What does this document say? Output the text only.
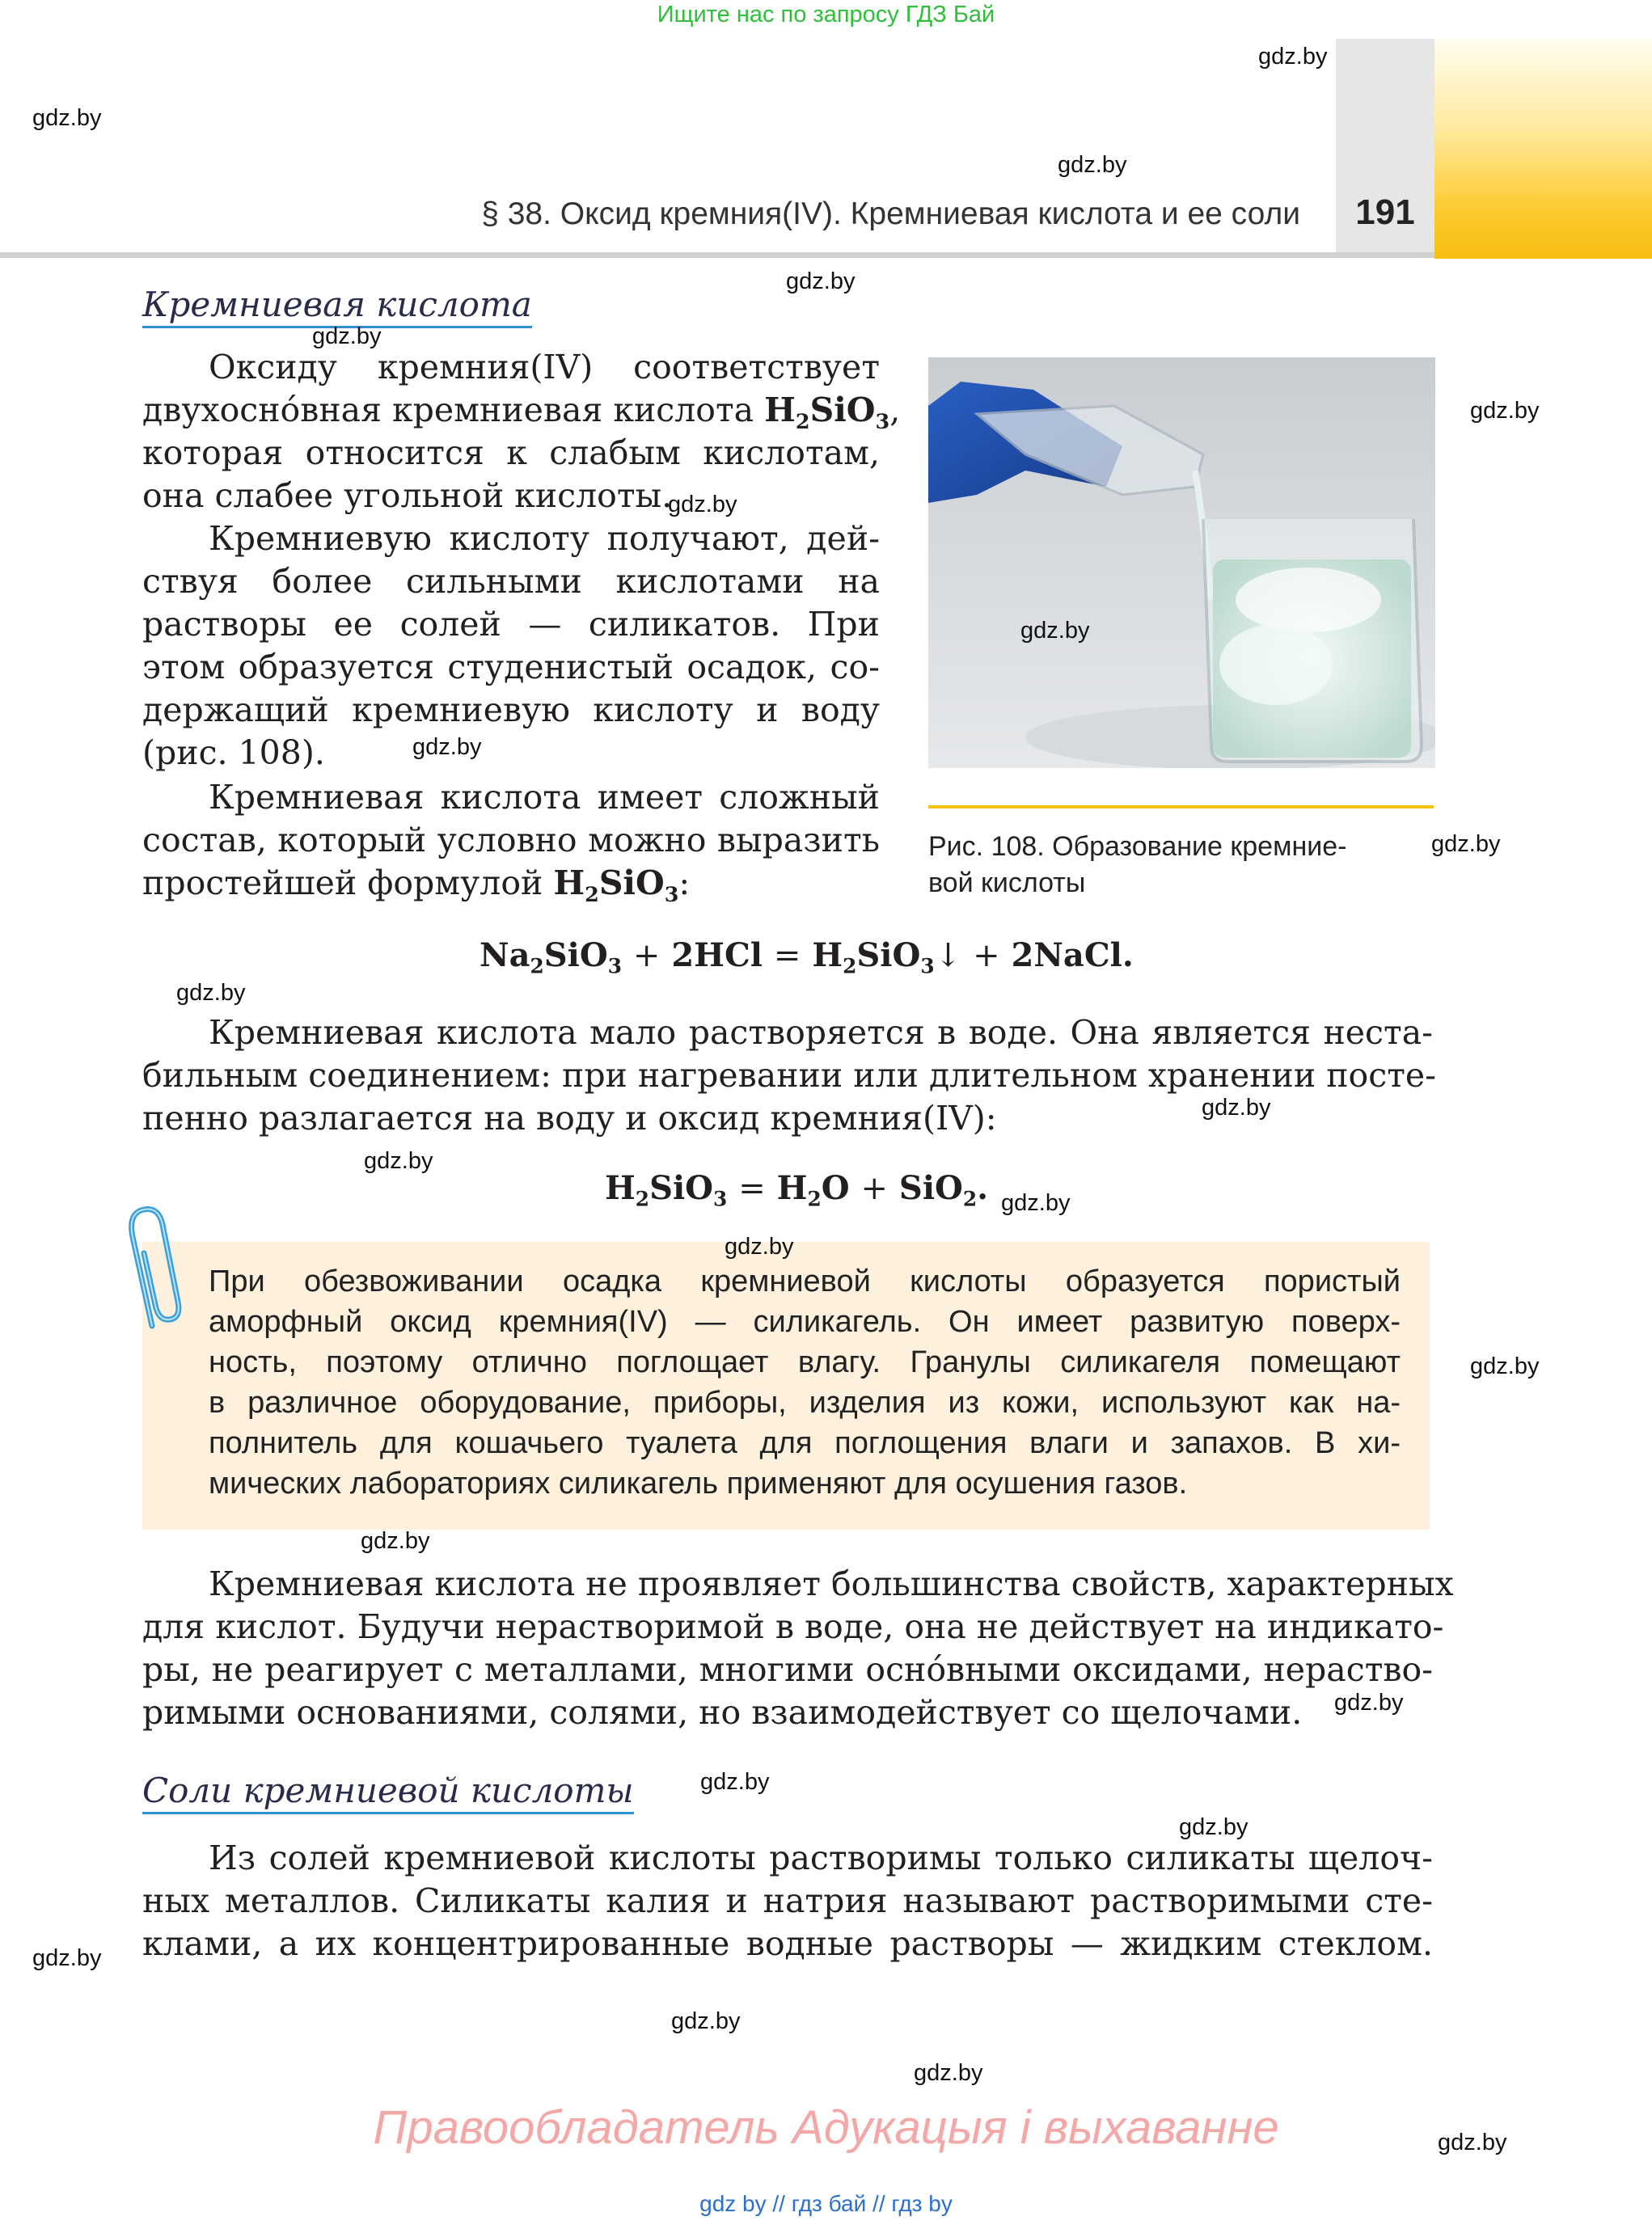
Ищите нас по запросу ГДЗ Бай
§ 38. Оксид кремния(IV). Кремниевая кислота и ее соли	191
Кремниевая кислота
Оксиду кремния(IV) соответствует
двухосно́вная кремниевая кислота $H_2SiO_3$,
которая относится к слабым кислотам,
она слабее угольной кислоты.
Кремниевую кислоту получают, дей-
ствуя более сильными кислотами на
растворы ее солей — силикатов. При
этом образуется студенистый осадок, со-
держащий кремниевую кислоту и воду
(рис. 108).
Кремниевая кислота имеет сложный
состав, который условно можно выразить
простейшей формулой $H_2SiO_3$:
Рис. 108. Образование кремние-
вой кислоты
$Na_2SiO_3 + 2HCl$ = $H_2SiO_3↓$ + 2NaCl.
Кремниевая кислота мало растворяется в воде. Она является неста-
бильным соединением: при нагревании или длительном хранении посте-
пенно разлагается на воду и оксид кремния(IV):
$H_2SiO_3 = H_2O + SiO_2$.
При обезвоживании осадка кремниевой кислоты образуется пористый
аморфный оксид кремния(IV) — силикагель. Он имеет развитую поверх-
ность, поэтому отлично поглощает влагу. Гранулы силикагеля помещают
в различное оборудование, приборы, изделия из кожи, используют как на-
полнитель для кошачьего туалета для поглощения влаги и запахов. В хи-
мических лабораториях силикагель применяют для осушения газов.
Кремниевая кислота не проявляет большинства свойств, характерных
для кислот. Будучи нерастворимой в воде, она не действует на индикато-
ры, не реагирует с металлами, многими осно́вными оксидами, нераство-
римыми основаниями, солями, но взаимодействует со щелочами.
Соли кремниевой кислоты
Из солей кремниевой кислоты растворимы только силикаты щелоч-
ных металлов. Силикаты калия и натрия называют растворимыми сте-
клами, а их концентрированные водные растворы — жидким стеклом.
gdz.by
gdz.by
gdz.by
gdz.by
gdz.by
gdz.by
gdz.by
gdz.by
gdz.by
gdz.by
gdz.by
gdz.by
gdz.by
gdz.by
gdz.by
gdz.by
gdz.by
gdz.by
gdz.by
gdz.by
gdz.by
gdz.by
gdz.by
gdz.by
Правообладатель Адукацыя і выхаванне
gdz by // гдз бай // гдз by
